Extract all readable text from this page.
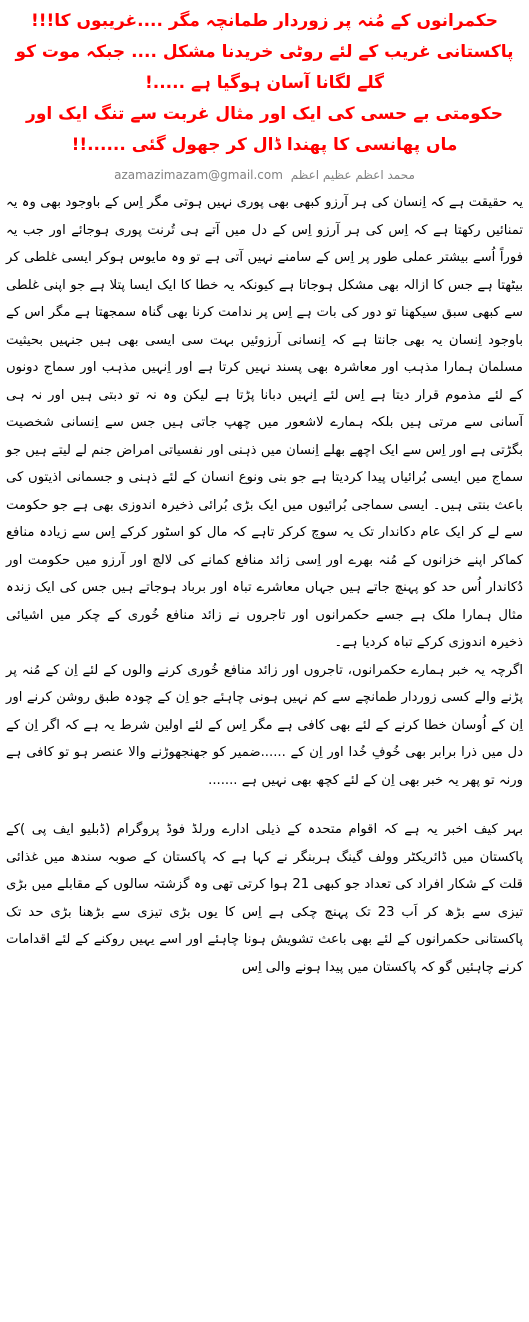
حکمرانوں کے مُنہ پر زوردار طمانچہ مگر ....غریبوں کا!!!
پاکستانی غریب کے لئے روٹی خریدنا مشکل .... جبکہ موت کو گلے لگانا آسان ہوگیا ہے .....!
حکومتی بے حسی کی ایک اور مثال غربت سے تنگ ایک اور ماں پھانسی کا پھندا ڈال کر جھول گئی ......!!
azamazimazam@gmail.com محمد اعظم عظیم اعظم

یہ حقیقت ہے کہ اِنسان کی ہر آرزو کبھی بھی پوری نہیں ہوتی مگر اِس کے باوجود بھی وہ یہ تمنائیں رکھتا ہے کہ اِس کی ہر آرزو اِس کے دل میں آتے ہی تُرنت پوری ہوجائے اور جب یہ فوراً اُسے بیشتر عملی طور پر اِس کے سامنے نہیں آتی ہے تو وہ مایوس ہوکر ایسی غلطی کر بیٹھتا ہے جس کا ازالہ بھی مشکل ہوجاتا ہے کیونکہ یہ خطا کا ایک ایسا پتلا ہے جو اپنی غلطی سے کبھی سبق سیکھنا تو دور کی بات ہے اِس پر ندامت کرنا بھی گناہ سمجھتا ہے مگر اس کے باوجود اِنسان یہ بھی جانتا ہے کہ اِنسانی آرزوئیں بہت سی ایسی بھی ہیں جنہیں بحیثیت مسلمان ہمارا مذہب اور معاشرہ بھی پسند نہیں کرتا ہے اور اِنہیں مذہب اور سماج دونوں کے لئے مذموم قرار دیتا ہے اِس لئے اِنہیں دبانا پڑتا ہے لیکن وہ نہ تو دبتی ہیں اور نہ ہی آسانی سے مرتی ہیں بلکہ ہمارے لاشعور میں چھپ جاتی ہیں جس سے اِنسانی شخصیت بگڑتی ہے اور اِس سے ایک اچھے بھلے اِنسان میں ذہنی اور نفسیاتی امراض جنم لے لیتے ہیں جو سماج میں ایسی بُرائیاں پیدا کردیتا ہے جو بنی ونوع انسان کے لئے ذہنی و جسمانی اذیتوں کی باعث بنتی ہیں۔ ایسی سماجی بُرائیوں میں ایک بڑی بُرائی ذخیرہ اندوزی بھی ہے جو حکومت سے لے کر ایک عام دکاندار تک یہ سوچ کرکر تاہے کہ مال کو اسٹور کرکے اِس سے زیادہ منافع کماکر اپنے خزانوں کے مُنہ بھرے اور اِسی زائد منافع کمانے کی لالچ اور آرزو میں حکومت اور دُکاندار اُس حد کو پہنچ جاتے ہیں جہاں معاشرے تباہ اور برباد ہوجاتے ہیں جس کی ایک زندہ مثال ہمارا ملک ہے جسے حکمرانوں اور تاجروں نے زائد منافع خُوری کے چکر میں اشیائی ذخیرہ اندوزی کرکے تباہ کردیا ہے۔

اگرچہ یہ خبر ہمارے حکمرانوں، تاجروں اور زائد منافع خُوری کرنے والوں کے لئے اِن کے مُنہ پر پڑنے والے کسی زوردار طمانچے سے کم نہیں ہونی چاہئے جو اِن کے چودہ طبق روشن کرنے اور اِن کے اُوسان خطا کرنے کے لئے بھی کافی ہے مگر اِس کے لئے اولین شرط یہ ہے کہ اگر اِن کے دل میں ذرا برابر بھی خُوفِ خُدا اور اِن کے ......ضمیر کو جھنجھوڑنے والا عنصر ہو تو کافی ہے ورنہ تو پھر یہ خبر بھی اِن کے لئے کچھ بھی نہیں ہے .......

بہر کیف اخبر یہ ہے کہ اقوام متحدہ کے ذیلی ادارے ورلڈ فوڈ پروگرام (ڈبلیو ایف پی )کے پاکستان میں ڈائریکٹر وولف گینگ ہربنگر نے کہا ہے کہ پاکستان کے صوبہ سندھ میں غذائی قلت کے شکار افراد کی تعداد جو کبھی 21 ہوا کرتی تھی وہ گزشتہ سالوں کے مقابلے میں بڑی تیزی سے بڑھ کر اَب 23 تک پہنچ چکی ہے اِس کا یوں بڑی تیزی سے بڑھنا بڑی حد تک پاکستانی حکمرانوں کے لئے بھی باعث تشویش ہونا چاہئے اور اسے یہیں روکنے کے لئے اقدامات کرنے چاہئیں گو کہ پاکستان میں پیدا ہونے والی اِس
